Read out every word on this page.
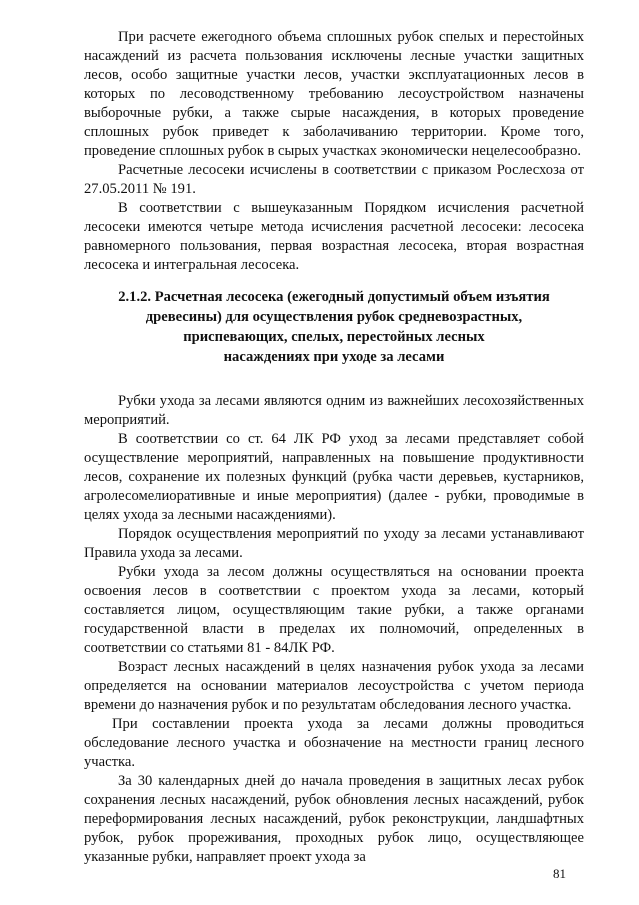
При расчете ежегодного объема сплошных рубок спелых и перестойных насаждений из расчета пользования исключены лесные участки защитных лесов, особо защитные участки лесов, участки эксплуатационных лесов в которых по лесоводственному требованию лесоустройством назначены выборочные рубки, а также сырые насаждения, в которых проведение сплошных рубок приведет к заболачиванию территории. Кроме того, проведение сплошных рубок в сырых участках экономически нецелесообразно.

Расчетные лесосеки исчислены в соответствии с приказом Рослесхоза от 27.05.2011 № 191.

В соответствии с вышеуказанным Порядком исчисления расчетной лесосеки имеются четыре метода исчисления расчетной лесосеки: лесосека равномерного пользования, первая возрастная лесосека, вторая возрастная лесосека и интегральная лесосека.

2.1.2. Расчетная лесосека (ежегодный допустимый объем изъятия
древесины) для осуществления рубок средневозрастных,
приспевающих, спелых, перестойных лесных
насаждениях при уходе за лесами

Рубки ухода за лесами являются одним из важнейших лесохозяйственных мероприятий.

В соответствии со ст. 64 ЛК РФ уход за лесами представляет собой осуществление мероприятий, направленных на повышение продуктивности лесов, сохранение их полезных функций (рубка части деревьев, кустарников, агролесомелиоративные и иные мероприятия) (далее - рубки, проводимые в целях ухода за лесными насаждениями).

Порядок осуществления мероприятий по уходу за лесами устанавливают Правила ухода за лесами.

Рубки ухода за лесом должны осуществляться на основании проекта освоения лесов в соответствии с проектом ухода за лесами, который составляется лицом, осуществляющим такие рубки, а также органами государственной власти в пределах их полномочий, определенных в соответствии со статьями 81 - 84ЛК РФ.

Возраст лесных насаждений в целях назначения рубок ухода за лесами определяется на основании материалов лесоустройства с учетом периода времени до назначения рубок и по результатам обследования лесного участка.

При составлении проекта ухода за лесами должны проводиться обследование лесного участка и обозначение на местности границ лесного участка.

За 30 календарных дней до начала проведения в защитных лесах рубок сохранения лесных насаждений, рубок обновления лесных насаждений, рубок переформирования лесных насаждений, рубок реконструкции, ландшафтных рубок, рубок прореживания, проходных рубок лицо, осуществляющее указанные рубки, направляет проект ухода за

81
